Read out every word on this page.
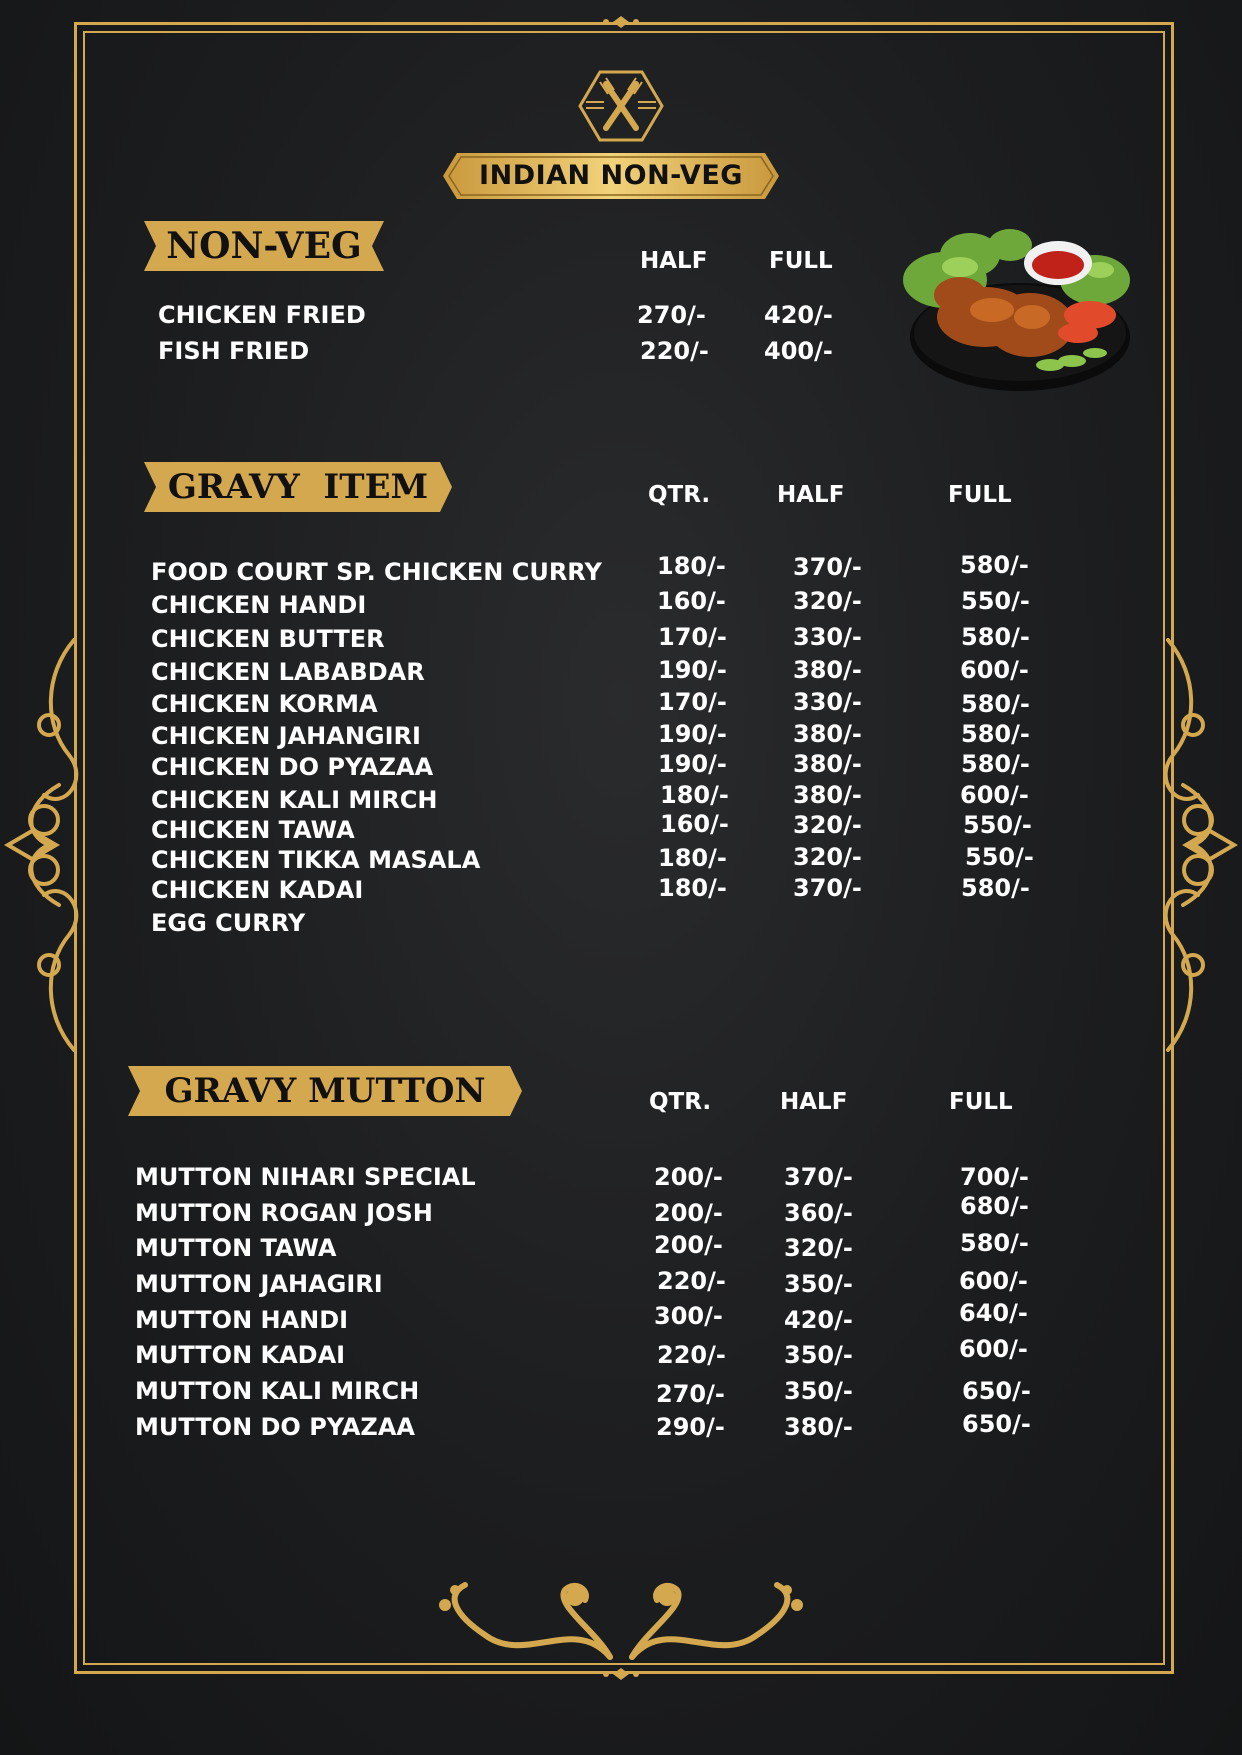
INDIAN NON-VEG
NON-VEG	HALF	FULL
CHICKEN FRIED	270/- 420/-
FISH FRIED	220/- 400/-
GRAVY  ITEM	QTR.	HALF	FULL
FOOD COURT SP. CHICKEN CURRY 180/-	370/-	580/-
CHICKEN HANDI	160/-	320/-	550/-
CHICKEN BUTTER	170/-	330/-	580/-
CHICKEN LABABDAR	190/-	380/-	600/-
CHICKEN KORMA	170/-	330/-	580/-
CHICKEN JAHANGIRI	190/-	380/-	580/-
CHICKEN DO PYAZAA	190/-	380/-	580/-
CHICKEN KALI MIRCH	180/-	380/-	600/-
CHICKEN TAWA	160/-	320/-	550/-
CHICKEN TIKKA MASALA	180/-	320/-	550/-
CHICKEN KADAI	180/-	370/-	580/-
EGG CURRY
GRAVY MUTTON	QTR.	HALF	FULL
MUTTON NIHARI SPECIAL	200/-	370/-	700/-
MUTTON ROGAN JOSH	200/-	360/-	680/-
MUTTON TAWA	200/-	320/-	580/-
MUTTON JAHAGIRI	220/- 350/-	600/-
MUTTON HANDI	300/-	420/-	640/-
MUTTON KADAI	220/- 350/-	600/-
MUTTON KALI MIRCH	270/- 350/-	650/-
MUTTON DO PYAZAA	290/- 380/-	650/-
